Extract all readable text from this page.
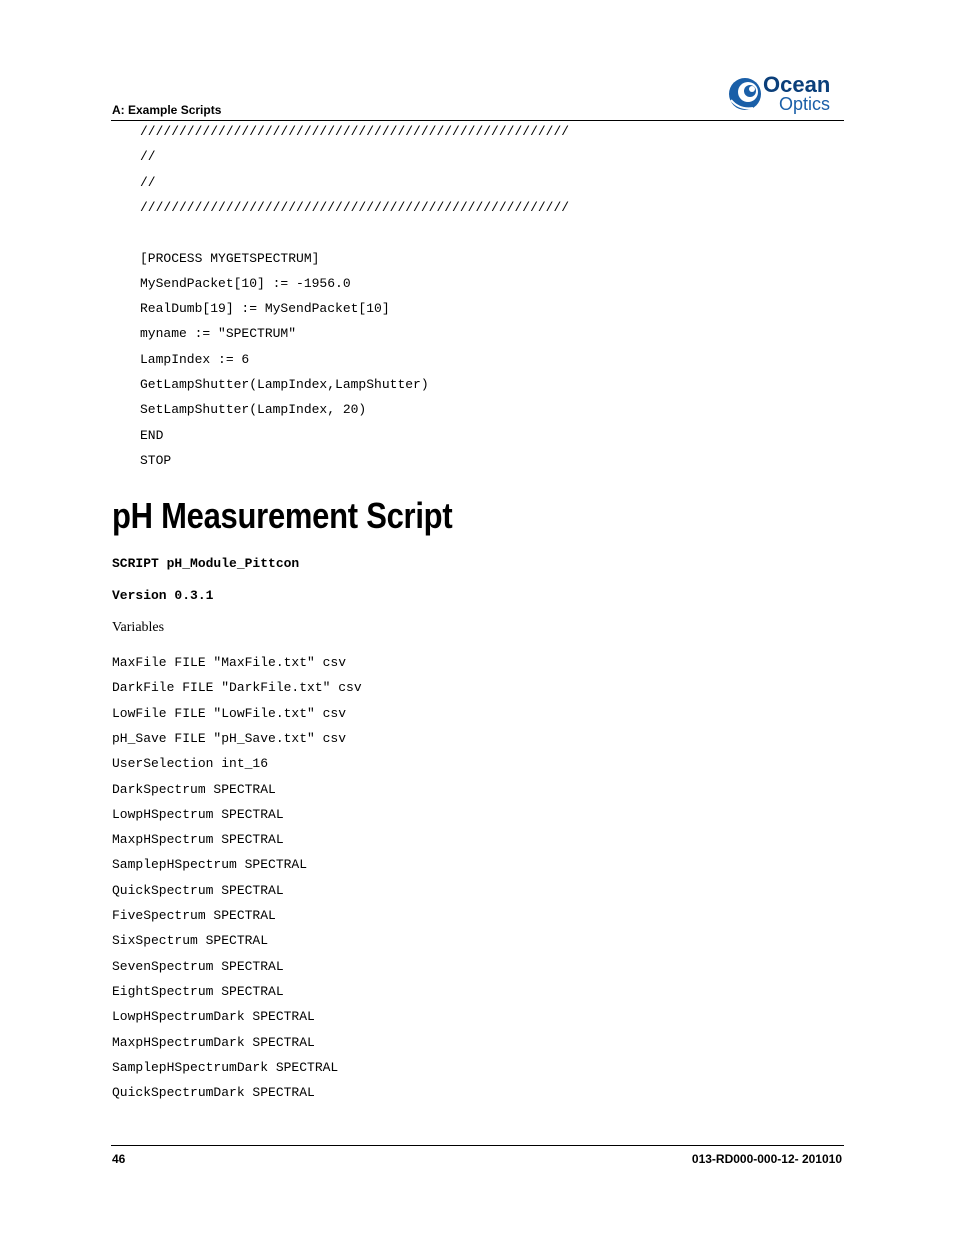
A: Example Scripts
Ocean
Optics
///////////////////////////////////////////////////////
//
//
///////////////////////////////////////////////////////
[PROCESS MYGETSPECTRUM]
MySendPacket[10] := -1956.0
RealDumb[19] := MySendPacket[10]
myname := "SPECTRUM"
LampIndex := 6
GetLampShutter(LampIndex,LampShutter)
SetLampShutter(LampIndex, 20)
END
STOP
pH Measurement Script
SCRIPT pH_Module_Pittcon
Version 0.3.1
Variables
MaxFile FILE "MaxFile.txt" csv
DarkFile FILE "DarkFile.txt" csv
LowFile FILE "LowFile.txt" csv
pH_Save FILE "pH_Save.txt" csv
UserSelection int_16
DarkSpectrum SPECTRAL
LowpHSpectrum SPECTRAL
MaxpHSpectrum SPECTRAL
SamplepHSpectrum SPECTRAL
QuickSpectrum SPECTRAL
FiveSpectrum SPECTRAL
SixSpectrum SPECTRAL
SevenSpectrum SPECTRAL
EightSpectrum SPECTRAL
LowpHSpectrumDark SPECTRAL
MaxpHSpectrumDark SPECTRAL
SamplepHSpectrumDark SPECTRAL
QuickSpectrumDark SPECTRAL
46	013-RD000-000-12- 201010
